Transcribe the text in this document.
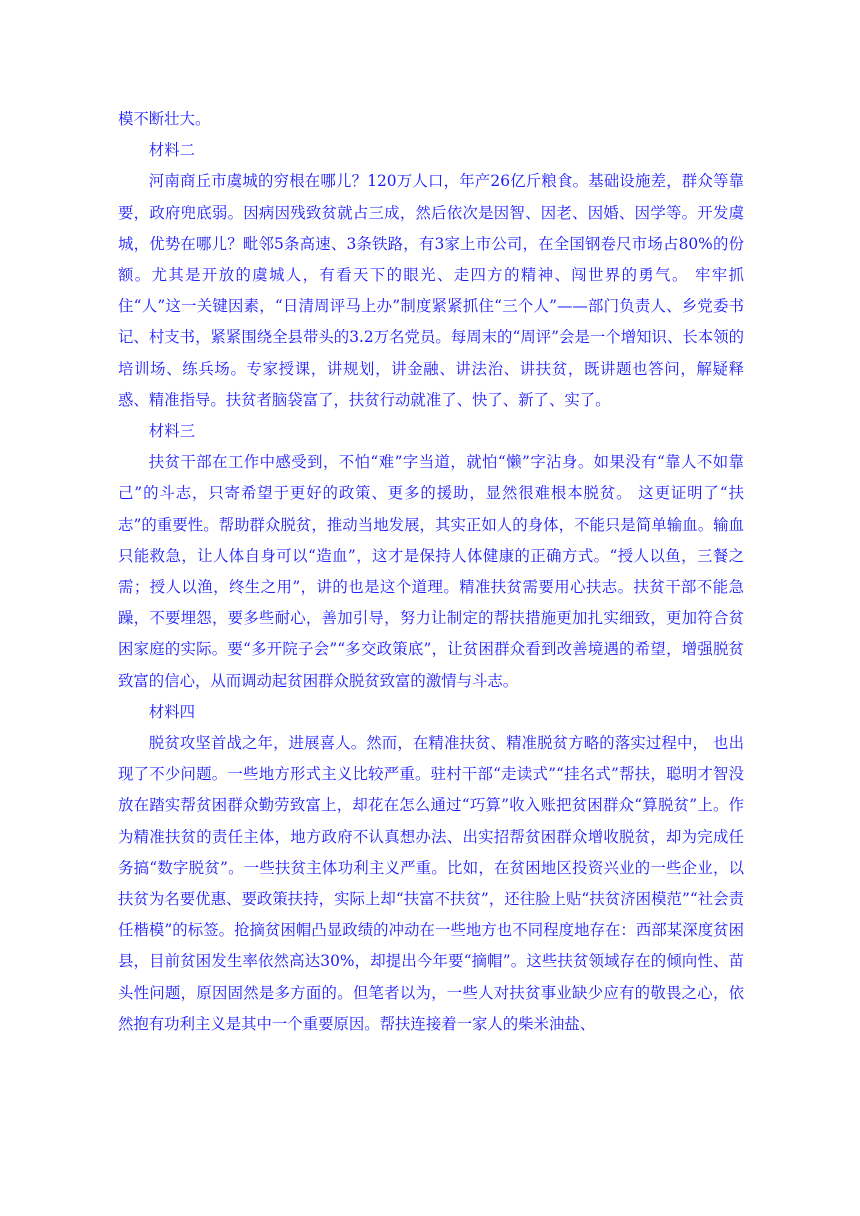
模不断壮大。

材料二

河南商丘市虞城的穷根在哪儿？120万人口，年产26亿斤粮食。基础设施差，群众等靠要，政府兜底弱。因病因残致贫就占三成，然后依次是因智、因老、因婚、因学等。开发虞城，优势在哪儿？毗邻5条高速、3条铁路，有3家上市公司，在全国钢卷尺市场占80%的份额。尤其是开放的虞城人，有看天下的眼光、走四方的精神、闯世界的勇气。 牢牢抓住“人”这一关键因素，“日清周评马上办”制度紧紧抓住“三个人”——部门负责人、乡党委书记、村支书，紧紧围绕全县带头的3.2万名党员。每周末的“周评”会是一个增知识、长本领的培训场、练兵场。专家授课，讲规划，讲金融、讲法治、讲扶贫，既讲题也答问，解疑释惑、精准指导。扶贫者脑袋富了，扶贫行动就准了、快了、新了、实了。

材料三

扶贫干部在工作中感受到，不怕“难”字当道，就怕“懒”字沾身。如果没有“靠人不如靠己”的斗志，只寄希望于更好的政策、更多的援助，显然很难根本脱贫。 这更证明了“扶志”的重要性。帮助群众脱贫，推动当地发展，其实正如人的身体，不能只是简单输血。输血只能救急，让人体自身可以“造血”，这才是保持人体健康的正确方式。“授人以鱼，三餐之需；授人以渔，终生之用”，讲的也是这个道理。精准扶贫需要用心扶志。扶贫干部不能急躁，不要埋怨，要多些耐心，善加引导，努力让制定的帮扶措施更加扎实细致，更加符合贫困家庭的实际。要“多开院子会”“多交政策底”，让贫困群众看到改善境遇的希望，增强脱贫致富的信心，从而调动起贫困群众脱贫致富的激情与斗志。

材料四

脱贫攻坚首战之年，进展喜人。然而，在精准扶贫、精准脱贫方略的落实过程中， 也出现了不少问题。一些地方形式主义比较严重。驻村干部“走读式”“挂名式”帮扶，聪明才智没放在踏实帮贫困群众勤劳致富上，却花在怎么通过“巧算”收入账把贫困群众“算脱贫”上。作为精准扶贫的责任主体，地方政府不认真想办法、出实招帮贫困群众增收脱贫，却为完成任务搞“数字脱贫”。一些扶贫主体功利主义严重。比如，在贫困地区投资兴业的一些企业，以扶贫为名要优惠、要政策扶持，实际上却“扶富不扶贫”，还往脸上贴“扶贫济困模范”“社会责任楷模”的标签。抢摘贫困帽凸显政绩的冲动在一些地方也不同程度地存在：西部某深度贫困县，目前贫困发生率依然高达30%，却提出今年要“摘帽”。这些扶贫领域存在的倾向性、苗头性问题，原因固然是多方面的。但笔者以为，一些人对扶贫事业缺少应有的敬畏之心，依然抱有功利主义是其中一个重要原因。帮扶连接着一家人的柴米油盐、
